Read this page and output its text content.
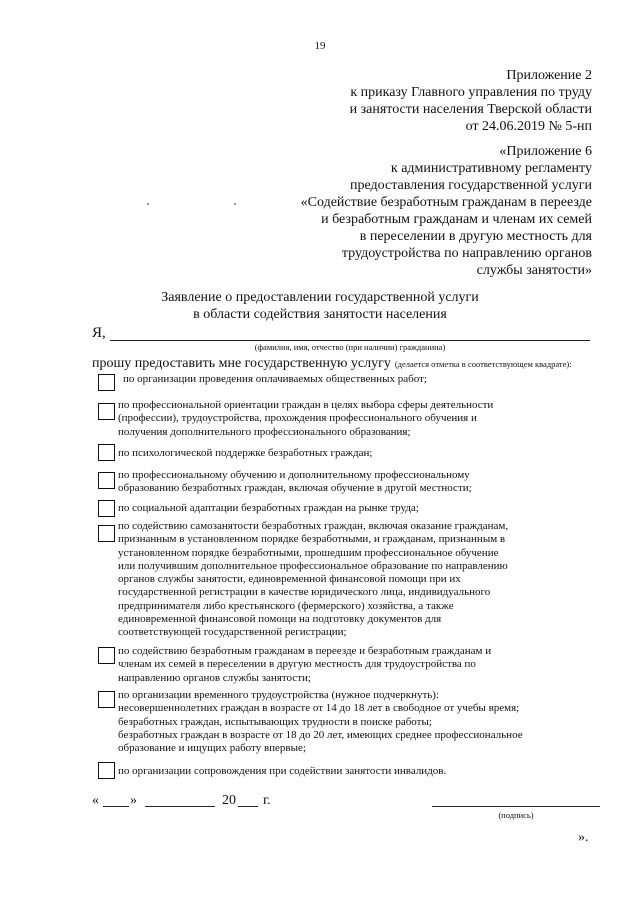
19
Приложение 2
к приказу Главного управления по труду
и занятости населения Тверской области
от 24.06.2019 № 5-нп
«Приложение 6
к административному регламенту
предоставления государственной услуги
«Содействие безработным гражданам в переезде
и безработным гражданам и членам их семей
в переселении в другую местность для
трудоустройства по направлению органов
службы занятости»
Заявление о предоставлении государственной услуги
в области содействия занятости населения
Я,
(фамилия, имя, отчество (при наличии) гражданина)
прошу предоставить мне государственную услугу (делается отметка в соответствующем квадрате):
по организации проведения оплачиваемых общественных работ;
по профессиональной ориентации граждан в целях выбора сферы деятельности
(профессии), трудоустройства, прохождения профессионального обучения и
получения дополнительного профессионального образования;
по психологической поддержке безработных граждан;
по профессиональному обучению и дополнительному профессиональному
образованию безработных граждан, включая обучение в другой местности;
по социальной адаптации безработных граждан на рынке труда;
по содействию самозанятости безработных граждан, включая оказание гражданам,
признанным в установленном порядке безработными, и гражданам, признанным в
установленном порядке безработными, прошедшим профессиональное обучение
или получившим дополнительное профессиональное образование по направлению
органов службы занятости, единовременной финансовой помощи при их
государственной регистрации в качестве юридического лица, индивидуального
предпринимателя либо крестьянского (фермерского) хозяйства, а также
единовременной финансовой помощи на подготовку документов для
соответствующей государственной регистрации;
по содействию безработным гражданам в переезде и безработным гражданам и
членам их семей в переселении в другую местность для трудоустройства по
направлению органов службы занятости;
по организации временного трудоустройства (нужное подчеркнуть):
несовершеннолетних граждан в возрасте от 14 до 18 лет в свободное от учебы время;
безработных граждан, испытывающих трудности в поиске работы;
безработных граждан в возрасте от 18 до 20 лет, имеющих среднее профессиональное
образование и ищущих работу впервые;
по организации сопровождения при содействии занятости инвалидов.
« »	20 г.
(подпись)
».
